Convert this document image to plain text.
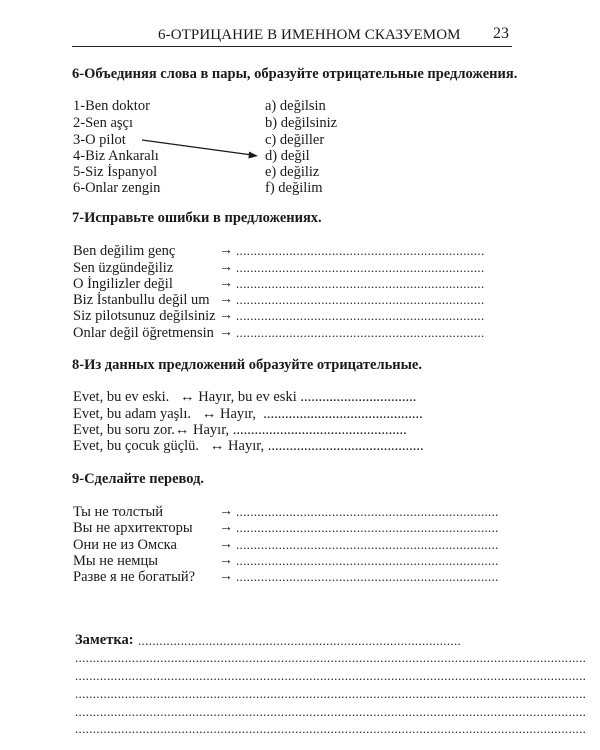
6-ОТРИЦАНИЕ В ИМЕННОМ СКАЗУЕМОМ 23
6-Объединяя слова в пары, образуйте отрицательные предложения.
1-Ben doktor
2-Sen aşçı
3-O pilot
4-Biz Ankaralı
5-Siz İspanyol
6-Onlar zengin
a) değilsin
b) değilsiniz
c) değiller
d) değil
e) değiliz
f) değilim
7-Исправьте ошибки в предложениях.
Ben değilim genç
Sen üzgündeğiliz
O İngilizler değil
Biz İstanbullu değil um
Siz pilotsunuz değilsiniz
Onlar değil öğretmensin
→
→
→
→
→
→
......................................................................
......................................................................
......................................................................
......................................................................
......................................................................
......................................................................
8-Из данных предложений образуйте отрицательные.
Evet, bu ev eski.   ↔ Hayır, bu ev eski ................................
Evet, bu adam yaşlı.   ↔ Hayır,  ............................................
Evet, bu soru zor.↔ Hayır, ................................................
Evet, bu çocuk güçlü.   ↔ Hayır, ...........................................
9-Сделайте перевод.
Ты не толстый
Вы не архитекторы
Они не из Омска
Мы не немцы
Разве я не богатый?
→
→
→
→
→
..........................................................................
..........................................................................
..........................................................................
..........................................................................
..........................................................................
Заметка: ...........................................................................................
................................................................................................................................................
................................................................................................................................................
................................................................................................................................................
................................................................................................................................................
................................................................................................................................................
